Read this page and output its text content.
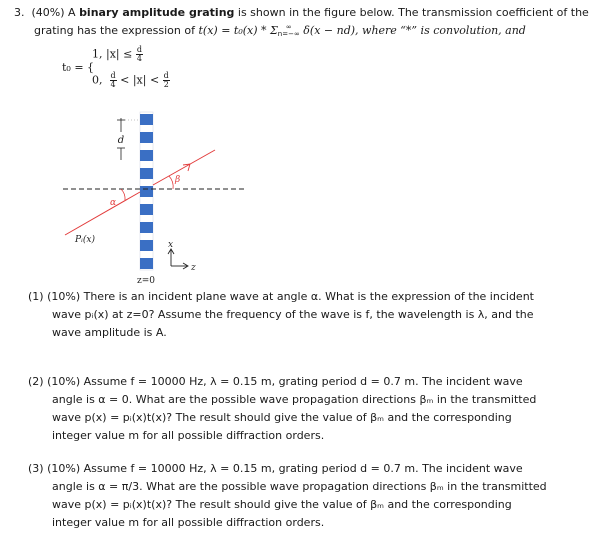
3. (40%) A binary amplitude grating is shown in the figure below. The transmission coefficient of the
grating has the expression of t(x) = t₀(x) * Σ	∞
n=−∞ δ(x − nd), where “*” is convolution, and
t₀ = {
1, $|x| \le \frac{d}{4}$
0, $\frac{d}{4} < |x| < \frac{d}{2}$
d
α
β
Pᵢ(x)	x
z
z=0
(1) (10%) There is an incident plane wave at angle α. What is the expression of the incident
wave pᵢ(x) at z=0? Assume the frequency of the wave is f, the wavelength is λ, and the
wave amplitude is A.
(2) (10%) Assume f = 10000 Hz, λ = 0.15 m, grating period d = 0.7 m. The incident wave
angle is α = 0. What are the possible wave propagation directions βₘ in the transmitted
wave p(x) = pᵢ(x)t(x)? The result should give the value of βₘ and the corresponding
integer value m for all possible diffraction orders.
(3) (10%) Assume f = 10000 Hz, λ = 0.15 m, grating period d = 0.7 m. The incident wave
angle is α = π/3. What are the possible wave propagation directions βₘ in the transmitted
wave p(x) = pᵢ(x)t(x)? The result should give the value of βₘ and the corresponding
integer value m for all possible diffraction orders.
